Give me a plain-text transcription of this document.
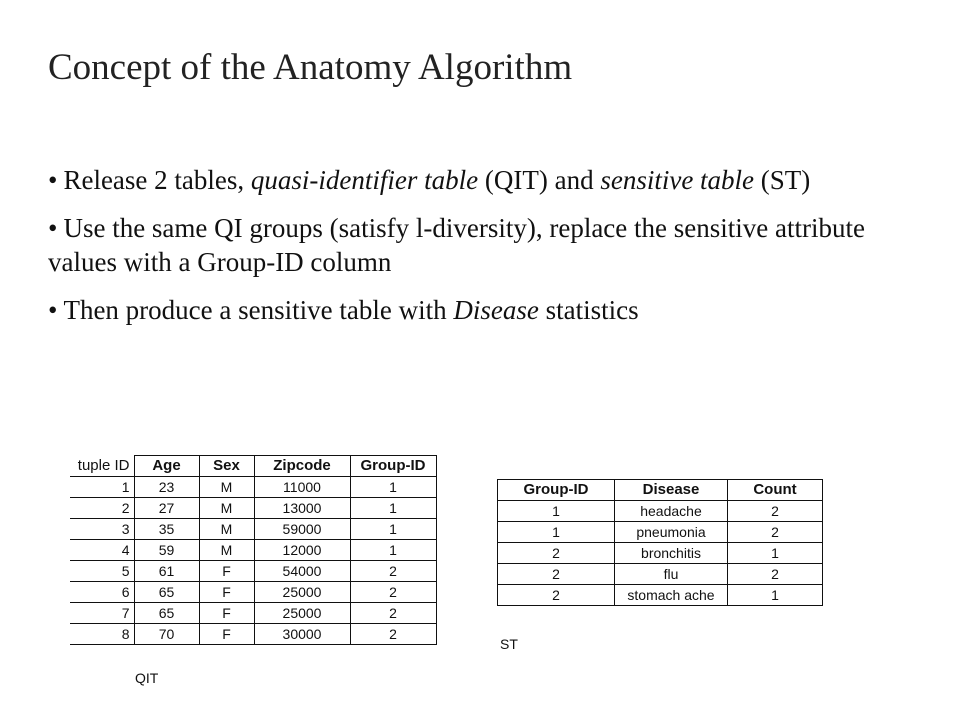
Concept of the Anatomy Algorithm
• Release 2 tables, quasi-identifier table (QIT) and sensitive table (ST)
• Use the same QI groups (satisfy l-diversity), replace the sensitive attribute values with a Group-ID column
• Then produce a sensitive table with Disease statistics
tuple ID	Age	Sex	Zipcode	Group-ID
1	23	M	11000	1
2	27	M	13000	1
3	35	M	59000	1
4	59	M	12000	1
5	61	F	54000	2
6	65	F	25000	2
7	65	F	25000	2
8	70	F	30000	2
QIT
Group-ID	Disease	Count
1	headache	2
1	pneumonia	2
2	bronchitis	1
2	flu	2
2	stomach ache	1
ST
